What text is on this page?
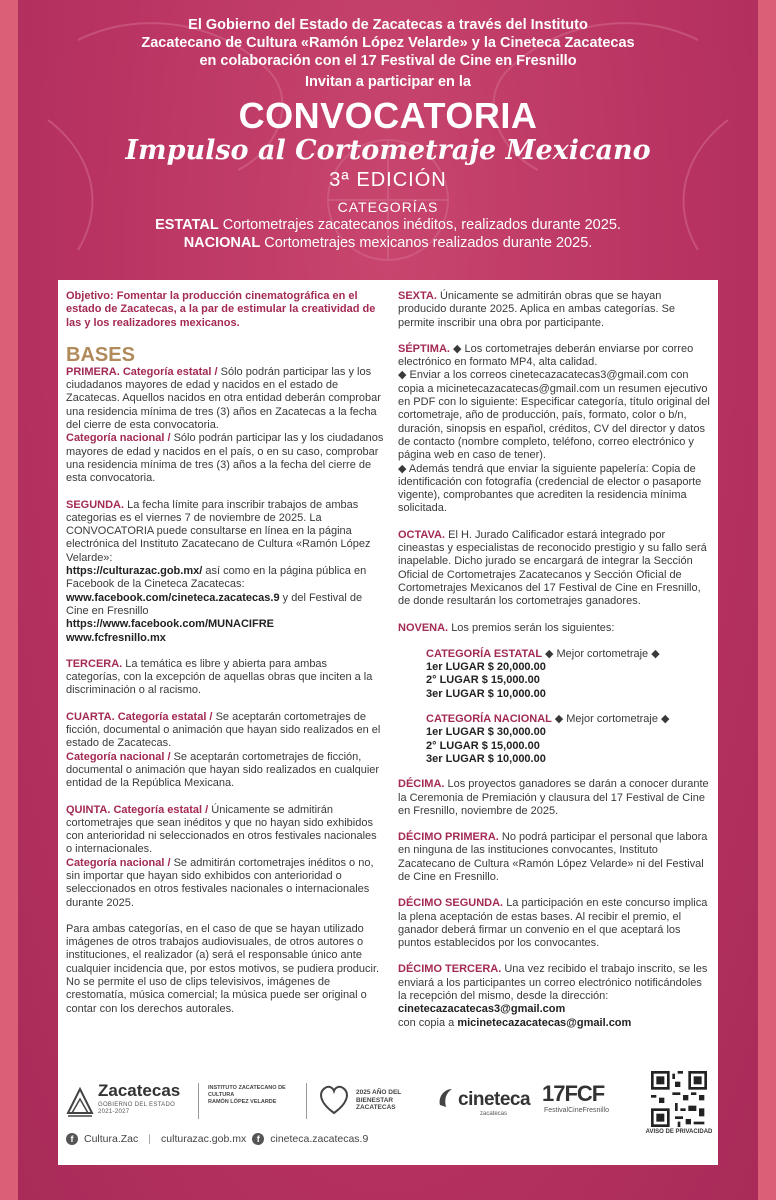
El Gobierno del Estado de Zacatecas a través del Instituto
Zacatecano de Cultura «Ramón López Velarde» y la Cineteca Zacatecas
en colaboración con el 17 Festival de Cine en Fresnillo
Invitan a participar en la
CONVOCATORIA
Impulso al Cortometraje Mexicano
3ª EDICIÓN
CATEGORÍAS
ESTATAL Cortometrajes zacatecanos inéditos, realizados durante 2025.
NACIONAL Cortometrajes mexicanos realizados durante 2025.
Objetivo: Fomentar la producción cinematográfica en el estado de Zacatecas, a la par de estimular la creatividad de las y los realizadores mexicanos.
BASES
PRIMERA. Categoría estatal / Sólo podrán participar las y los ciudadanos mayores de edad y nacidos en el estado de Zacatecas. Aquellos nacidos en otra entidad deberán comprobar una residencia mínima de tres (3) años en Zacatecas a la fecha del cierre de esta convocatoria.
Categoría nacional / Sólo podrán participar las y los ciudadanos mayores de edad y nacidos en el país, o en su caso, comprobar una residencia mínima de tres (3) años a la fecha del cierre de esta convocatoria.
SEGUNDA. La fecha límite para inscribir trabajos de ambas categorias es el viernes 7 de noviembre de 2025. La CONVOCATORIA puede consultarse en línea en la página electrónica del Instituto Zacatecano de Cultura «Ramón López Velarde»:
https://culturazac.gob.mx/ así como en la página pública en Facebook de la Cineteca Zacatecas:
www.facebook.com/cineteca.zacatecas.9 y del Festival de Cine en Fresnillo
https://www.facebook.com/MUNACIFRE
www.fcfresnillo.mx
TERCERA. La temática es libre y abierta para ambas categorías, con la excepción de aquellas obras que inciten a la discriminación o al racismo.
CUARTA. Categoría estatal / Se aceptarán cortometrajes de ficción, documental o animación que hayan sido realizados en el estado de Zacatecas.
Categoría nacional / Se aceptarán cortometrajes de ficción, documental o animación que hayan sido realizados en cualquier entidad de la República Mexicana.
QUINTA. Categoría estatal / Únicamente se admitirán cortometrajes que sean inéditos y que no hayan sido exhibidos con anterioridad ni seleccionados en otros festivales nacionales o internacionales.
Categoría nacional / Se admitirán cortometrajes inéditos o no, sin importar que hayan sido exhibidos con anterioridad o seleccionados en otros festivales nacionales o internacionales durante 2025.
Para ambas categorías, en el caso de que se hayan utilizado imágenes de otros trabajos audiovisuales, de otros autores o instituciones, el realizador (a) será el responsable único ante cualquier incidencia que, por estos motivos, se pudiera producir.
No se permite el uso de clips televisivos, imágenes de crestomatía, música comercial; la música puede ser original o contar con los derechos autorales.
SEXTA. Únicamente se admitirán obras que se hayan producido durante 2025. Aplica en ambas categorías. Se permite inscribir una obra por participante.
SÉPTIMA. ◆ Los cortometrajes deberán enviarse por correo electrónico en formato MP4, alta calidad.
◆ Enviar a los correos cinetecazacatecas3@gmail.com con copia a micinetecazacatecas@gmail.com un resumen ejecutivo en PDF con lo siguiente: Especificar categoría, título original del cortometraje, año de producción, país, formato, color o b/n, duración, sinopsis en español, créditos, CV del director y datos de contacto (nombre completo, teléfono, correo electrónico y página web en caso de tener).
◆ Además tendrá que enviar la siguiente papelería: Copia de identificación con fotografía (credencial de elector o pasaporte vigente), comprobantes que acrediten la residencia mínima solicitada.
OCTAVA. El H. Jurado Calificador estará integrado por cineastas y especialistas de reconocido prestigio y su fallo será inapelable. Dicho jurado se encargará de integrar la Sección Oficial de Cortometrajes Zacatecanos y Sección Oficial de Cortometrajes Mexicanos del 17 Festival de Cine en Fresnillo, de donde resultarán los cortometrajes ganadores.
NOVENA. Los premios serán los siguientes:
CATEGORÍA ESTATAL ◆ Mejor cortometraje ◆
1er LUGAR $ 20,000.00
2° LUGAR $ 15,000.00
3er LUGAR $ 10,000.00
CATEGORÍA NACIONAL ◆ Mejor cortometraje ◆
1er LUGAR $ 30,000.00
2° LUGAR $ 15,000.00
3er LUGAR $ 10,000.00
DÉCIMA. Los proyectos ganadores se darán a conocer durante la Ceremonia de Premiación y clausura del 17 Festival de Cine en Fresnillo, noviembre de 2025.
DÉCIMO PRIMERA. No podrá participar el personal que labora en ninguna de las instituciones convocantes, Instituto Zacatecano de Cultura «Ramón López Velarde» ni del Festival de Cine en Fresnillo.
DÉCIMO SEGUNDA. La participación en este concurso implica la plena aceptación de estas bases. Al recibir el premio, el ganador deberá firmar un convenio en el que aceptará los puntos establecidos por los convocantes.
DÉCIMO TERCERA. Una vez recibido el trabajo inscrito, se les enviará a los participantes un correo electrónico notificándoles la recepción del mismo, desde la dirección: cinetecazacatecas3@gmail.com
con copia a micinetecazacatecas@gmail.com
Zacatecas
GOBIERNO DEL ESTADO
2021-2027
INSTITUTO ZACATECANO DE
CULTURA
RAMÓN LÓPEZ VELARDE
2025 AÑO DEL
BIENESTAR
ZACATECAS	cineteca
zacatecas
17FCF
FestivalCineFresnillo
AVISO DE PRIVACIDAD
f	Cultura.Zac | culturazac.gob.mx	f	cineteca.zacatecas.9
